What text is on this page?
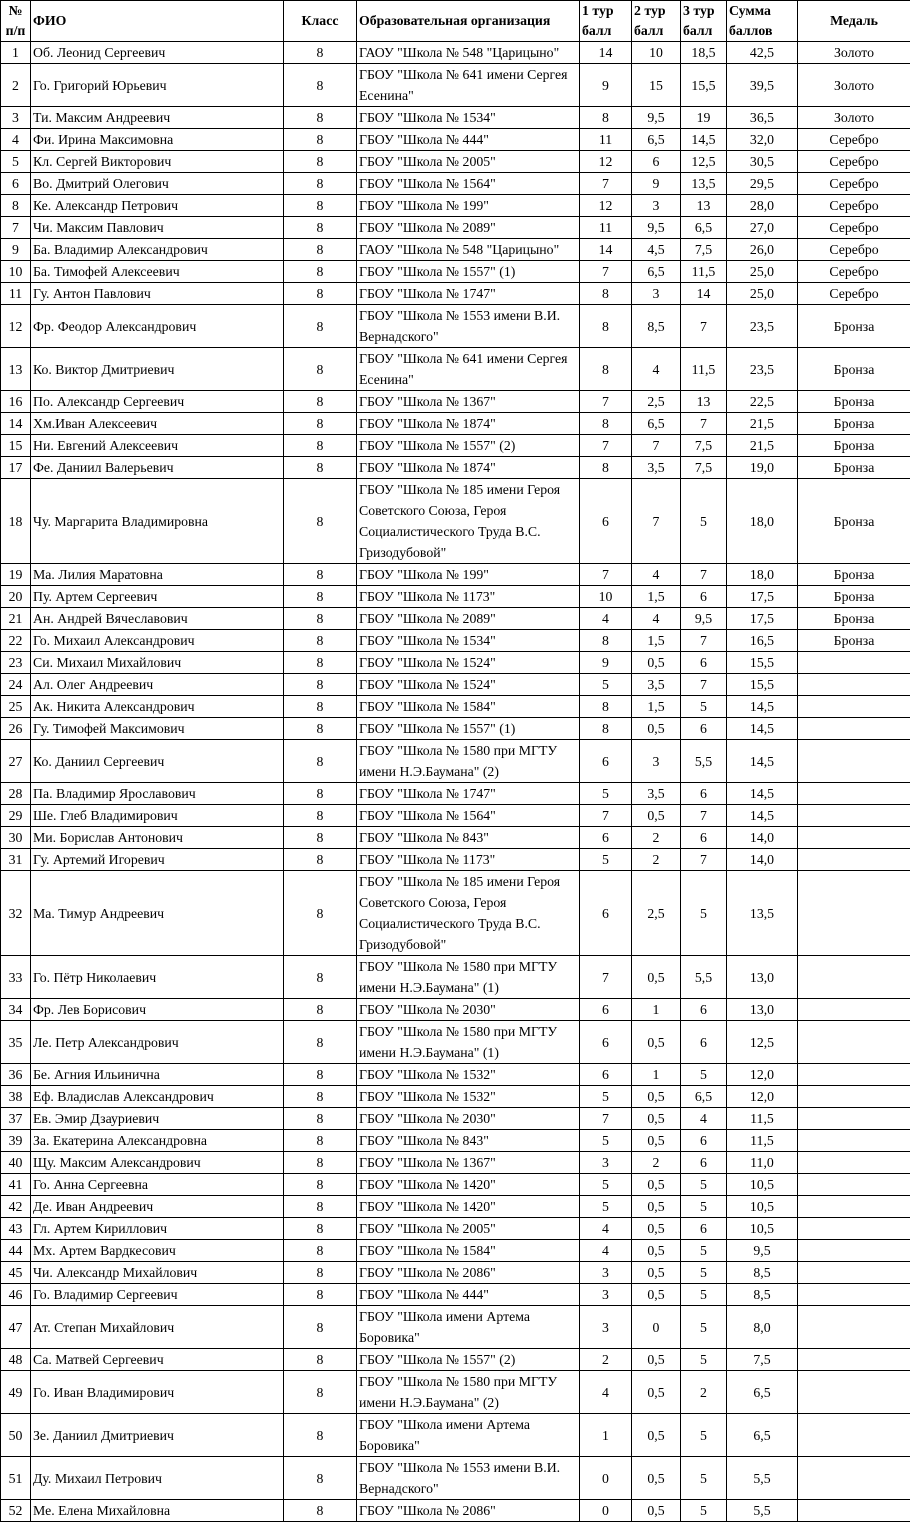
№ п/п	ФИО	Класс	Образовательная организация	1 тур балл	2 тур балл	3 тур балл	Сумма баллов	Медаль
1	Об. Леонид Сергеевич	8	ГАОУ "Школа № 548 "Царицыно"	14	10	18,5	42,5	Золото
2	Го. Григорий Юрьевич	8	ГБОУ "Школа № 641 имени Сергея Есенина"	9	15	15,5	39,5	Золото
3	Ти. Максим Андреевич	8	ГБОУ "Школа № 1534"	8	9,5	19	36,5	Золото
4	Фи. Ирина Максимовна	8	ГБОУ "Школа № 444"	11	6,5	14,5	32,0	Серебро
5	Кл. Сергей Викторович	8	ГБОУ "Школа № 2005"	12	6	12,5	30,5	Серебро
6	Во. Дмитрий Олегович	8	ГБОУ "Школа № 1564"	7	9	13,5	29,5	Серебро
8	Ке. Александр Петрович	8	ГБОУ "Школа № 199"	12	3	13	28,0	Серебро
7	Чи. Максим Павлович	8	ГБОУ "Школа № 2089"	11	9,5	6,5	27,0	Серебро
9	Ба. Владимир Александрович	8	ГАОУ "Школа № 548 "Царицыно"	14	4,5	7,5	26,0	Серебро
10	Ба. Тимофей Алексеевич	8	ГБОУ "Школа № 1557" (1)	7	6,5	11,5	25,0	Серебро
11	Гу. Антон Павлович	8	ГБОУ "Школа № 1747"	8	3	14	25,0	Серебро
12	Фр. Феодор Александрович	8	ГБОУ "Школа № 1553 имени В.И. Вернадского"	8	8,5	7	23,5	Бронза
13	Ко. Виктор Дмитриевич	8	ГБОУ "Школа № 641 имени Сергея Есенина"	8	4	11,5	23,5	Бронза
16	По. Александр Сергеевич	8	ГБОУ "Школа № 1367"	7	2,5	13	22,5	Бронза
14	Хм.Иван Алексеевич	8	ГБОУ "Школа № 1874"	8	6,5	7	21,5	Бронза
15	Ни. Евгений Алексеевич	8	ГБОУ "Школа № 1557" (2)	7	7	7,5	21,5	Бронза
17	Фе. Даниил Валерьевич	8	ГБОУ "Школа № 1874"	8	3,5	7,5	19,0	Бронза
18	Чу. Маргарита Владимировна	8	ГБОУ "Школа № 185 имени Героя Советского Союза, Героя Социалистического Труда В.С. Гризодубовой"	6	7	5	18,0	Бронза
19	Ма. Лилия Маратовна	8	ГБОУ "Школа № 199"	7	4	7	18,0	Бронза
20	Пу. Артем Сергеевич	8	ГБОУ "Школа № 1173"	10	1,5	6	17,5	Бронза
21	Ан. Андрей Вячеславович	8	ГБОУ "Школа № 2089"	4	4	9,5	17,5	Бронза
22	Го. Михаил Александрович	8	ГБОУ "Школа № 1534"	8	1,5	7	16,5	Бронза
23	Си. Михаил Михайлович	8	ГБОУ "Школа № 1524"	9	0,5	6	15,5	
24	Ал. Олег Андреевич	8	ГБОУ "Школа № 1524"	5	3,5	7	15,5	
25	Ак. Никита Александрович	8	ГБОУ "Школа № 1584"	8	1,5	5	14,5	
26	Гу. Тимофей Максимович	8	ГБОУ "Школа № 1557" (1)	8	0,5	6	14,5	
27	Ко. Даниил Сергеевич	8	ГБОУ "Школа № 1580 при МГТУ имени Н.Э.Баумана" (2)	6	3	5,5	14,5	
28	Па. Владимир Ярославович	8	ГБОУ "Школа № 1747"	5	3,5	6	14,5	
29	Ше. Глеб Владимирович	8	ГБОУ "Школа № 1564"	7	0,5	7	14,5	
30	Ми. Борислав Антонович	8	ГБОУ "Школа № 843"	6	2	6	14,0	
31	Гу. Артемий Игоревич	8	ГБОУ "Школа № 1173"	5	2	7	14,0	
32	Ма. Тимур Андреевич	8	ГБОУ "Школа № 185 имени Героя Советского Союза, Героя Социалистического Труда В.С. Гризодубовой"	6	2,5	5	13,5	
33	Го. Пётр Николаевич	8	ГБОУ "Школа № 1580 при МГТУ имени Н.Э.Баумана" (1)	7	0,5	5,5	13,0	
34	Фр. Лев Борисович	8	ГБОУ "Школа № 2030"	6	1	6	13,0	
35	Ле. Петр Александрович	8	ГБОУ "Школа № 1580 при МГТУ имени Н.Э.Баумана" (1)	6	0,5	6	12,5	
36	Бе. Агния Ильинична	8	ГБОУ "Школа № 1532"	6	1	5	12,0	
38	Еф. Владислав Александрович	8	ГБОУ "Школа № 1532"	5	0,5	6,5	12,0	
37	Ев. Эмир Дзауриевич	8	ГБОУ "Школа № 2030"	7	0,5	4	11,5	
39	За. Екатерина Александровна	8	ГБОУ "Школа № 843"	5	0,5	6	11,5	
40	Щу. Максим Александрович	8	ГБОУ "Школа № 1367"	3	2	6	11,0	
41	Го. Анна Сергеевна	8	ГБОУ "Школа № 1420"	5	0,5	5	10,5	
42	Де. Иван Андреевич	8	ГБОУ "Школа № 1420"	5	0,5	5	10,5	
43	Гл. Артем Кириллович	8	ГБОУ "Школа № 2005"	4	0,5	6	10,5	
44	Мх. Артем Вардкесович	8	ГБОУ "Школа № 1584"	4	0,5	5	9,5	
45	Чи. Александр Михайлович	8	ГБОУ "Школа № 2086"	3	0,5	5	8,5	
46	Го. Владимир Сергеевич	8	ГБОУ "Школа № 444"	3	0,5	5	8,5	
47	Ат. Степан Михайлович	8	ГБОУ "Школа имени Артема Боровика"	3	0	5	8,0	
48	Са. Матвей Сергеевич	8	ГБОУ "Школа № 1557" (2)	2	0,5	5	7,5	
49	Го. Иван Владимирович	8	ГБОУ "Школа № 1580 при МГТУ имени Н.Э.Баумана" (2)	4	0,5	2	6,5	
50	Зе. Даниил Дмитриевич	8	ГБОУ "Школа имени Артема Боровика"	1	0,5	5	6,5	
51	Ду. Михаил Петрович	8	ГБОУ "Школа № 1553 имени В.И. Вернадского"	0	0,5	5	5,5	
52	Ме. Елена Михайловна	8	ГБОУ "Школа № 2086"	0	0,5	5	5,5	
